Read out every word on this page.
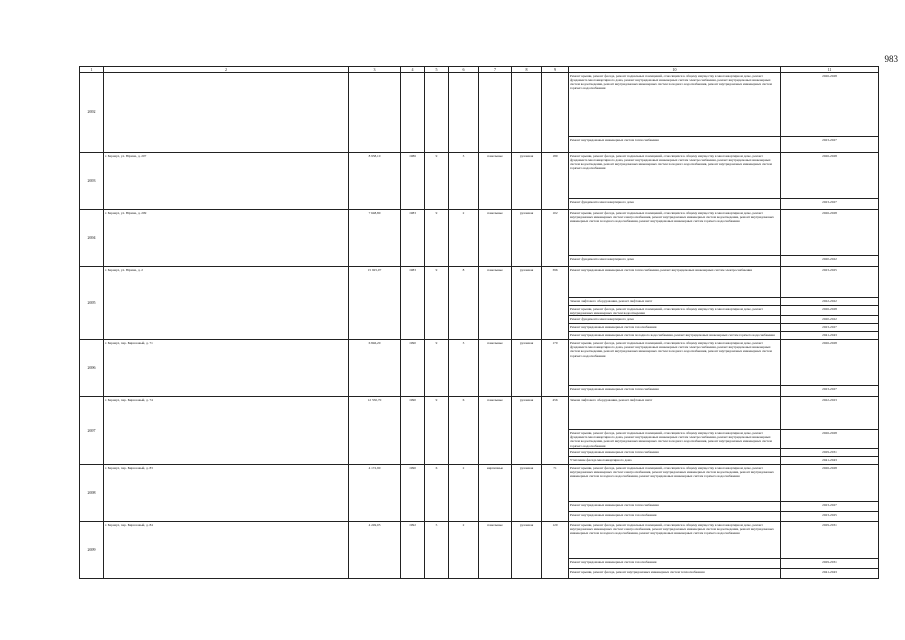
983
1	2	3	4	5	6	7	8	9	10	11
2692									Ремонт крыши, ремонт фасада, ремонт подвальных помещений, относящихся к общему имуществу в многоквартирном доме, ремонт фундамента многоквартирного дома, ремонт внутридомовых инженерных систем электроснабжения, ремонт внутридомовых инженерных систем водоотведения, ремонт внутридомовых инженерных систем холодного водоснабжения, ремонт внутридомовых инженерных систем горячего водоснабжения	2026-2028
									Ремонт внутридомовых инженерных систем теплоснабжения	2023-2027
2693	г. Барнаул, ул. Юрина, д. 207	8 938,10	1986	9	3	панельные	рулонная	180	Ремонт крыши, ремонт фасада, ремонт подвальных помещений, относящихся к общему имуществу в многоквартирном доме, ремонт фундамента многоквартирного дома, ремонт внутридомовых инженерных систем электроснабжения, ремонт внутридомовых инженерных систем водоотведения, ремонт внутридомовых инженерных систем холодного водоснабжения, ремонт внутридомовых инженерных систем горячего водоснабжения	2026-2028
									Ремонт фундамента многоквартирного дома	2023-2027
2694	г. Барнаул, ул. Юрина, д. 209	7 648,80	1983	9	2	панельные	рулонная	102	Ремонт крыши, ремонт фасада, ремонт подвальных помещений, относящихся к общему имуществу в многоквартирном доме, ремонт внутридомовых инженерных систем электроснабжения, ремонт внутридомовых инженерных систем водоотведения, ремонт внутридомовых инженерных систем холодного водоснабжения, ремонт внутридомовых инженерных систем горячего водоснабжения	2026-2028
									Ремонт фундамента многоквартирного дома	2020-2022
2695	г. Барнаул, ул. Юрина, д. 2	15 925,07	1983	9	8	панельные	рулонная	396	Ремонт внутридомовых инженерных систем теплоснабжения, ремонт внутридомовых инженерных систем электроснабжения	2023-2025
									Замена лифтового оборудования, ремонт лифтовых шахт	2022-2022
									Ремонт крыши, ремонт фасада, ремонт подвальных помещений, относящихся к общему имуществу в многоквартирном доме, ремонт внутридомовых инженерных систем водоотведения	2026-2028
									Ремонт фундамента многоквартирного дома	2020-2022
									Ремонт внутридомовых инженерных систем газоснабжения	2023-2027
									Ремонт внутридомовых инженерных систем холодного водоснабжения, ремонт внутридомовых инженерных систем горячего водоснабжения	2041-2043
2696	г. Барнаул, пер. Бирюзовый, д. 71	6 846,20	1990	9	3	панельные	рулонная	170	Ремонт крыши, ремонт фасада, ремонт подвальных помещений, относящихся к общему имуществу в многоквартирном доме, ремонт фундамента многоквартирного дома, ремонт внутридомовых инженерных систем электроснабжения, ремонт внутридомовых инженерных систем водоотведения, ремонт внутридомовых инженерных систем холодного водоснабжения, ремонт внутридомовых инженерных систем горячего водоснабжения	2026-2028
									Ремонт внутридомовых инженерных систем теплоснабжения	2023-2027
2697	г. Барнаул, пер. Бирюзовый, д. 74	12 550,70	1990	9	6	панельные	рулонная	456	Замена лифтового оборудования, ремонт лифтовых шахт	2022-2023
									Ремонт крыши, ремонт фасада, ремонт подвальных помещений, относящихся к общему имуществу в многоквартирном доме, ремонт фундамента многоквартирного дома, ремонт внутридомовых инженерных систем электроснабжения, ремонт внутридомовых инженерных систем водоотведения, ремонт внутридомовых инженерных систем холодного водоснабжения, ремонт внутридомовых инженерных систем горячего водоснабжения	2026-2028
									Ремонт внутридомовых инженерных систем теплоснабжения	2029-2031
									Утепление фасада многоквартирного дома	2041-2043
2698	г. Барнаул, пер. Бирюзовый, д. 83	4 172,90	1990	6	2	кирпичные	рулонная	71	Ремонт крыши, ремонт фасада, ремонт подвальных помещений, относящихся к общему имуществу в многоквартирном доме, ремонт внутридомовых инженерных систем электроснабжения, ремонт внутридомовых инженерных систем водоотведения, ремонт внутридомовых инженерных систем холодного водоснабжения, ремонт внутридомовых инженерных систем горячего водоснабжения	2026-2028
									Ремонт внутридомовых инженерных систем теплоснабжения	2023-2027
									Ремонт внутридомовых инженерных систем газоснабжения	2023-2025
2699	г. Барнаул, пер. Бирюзовый, д. 84	4 249,03	1992	5	2	панельные	рулонная	120	Ремонт крыши, ремонт фасада, ремонт подвальных помещений, относящихся к общему имуществу в многоквартирном доме, ремонт внутридомовых инженерных систем электроснабжения, ремонт внутридомовых инженерных систем водоотведения, ремонт внутридомовых инженерных систем холодного водоснабжения, ремонт внутридомовых инженерных систем горячего водоснабжения	2029-2031
									Ремонт внутридомовых инженерных систем газоснабжения	2029-2031
									Ремонт крыши, ремонт фасада, ремонт внутридомовых инженерных систем теплоснабжения	2041-2043
